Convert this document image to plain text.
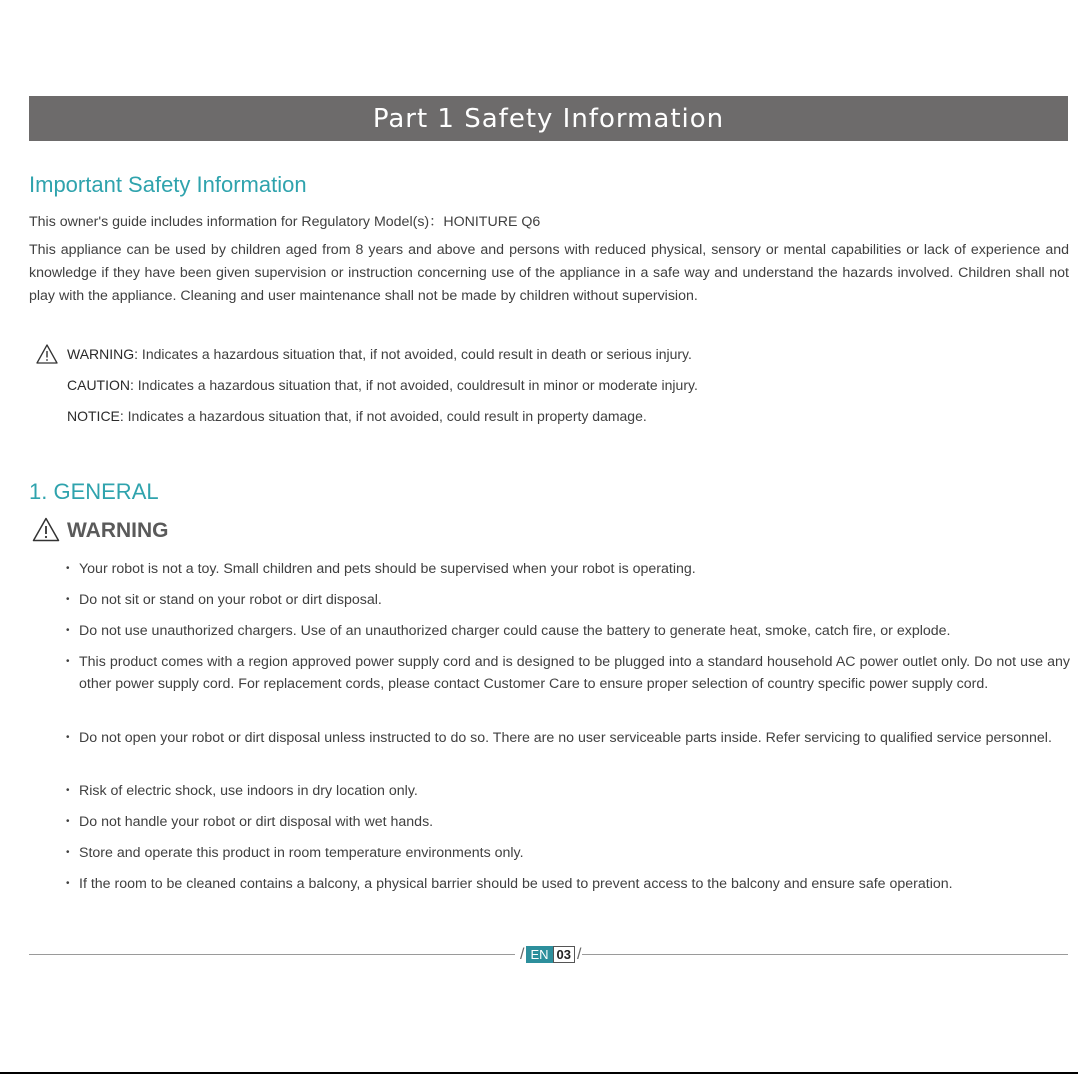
Part 1 Safety Information
Important Safety Information
This owner's guide includes information for Regulatory Model(s)：HONITURE Q6

This appliance can be used by children aged from 8 years and above and persons with reduced physical, sensory or mental capabilities or lack of experience and knowledge if they have been given supervision or instruction concerning use of the appliance in a safe way and understand the hazards involved. Children shall not play with the appliance. Cleaning and user maintenance shall not be made by children without supervision.

WARNING: Indicates a hazardous situation that, if not avoided, could result in death or serious injury.
CAUTION: Indicates a hazardous situation that, if not avoided, couldresult in minor or moderate injury.
NOTICE: Indicates a hazardous situation that, if not avoided, could result in property damage.
1. GENERAL
WARNING
• Your robot is not a toy. Small children and pets should be supervised when your robot is operating.
• Do not sit or stand on your robot or dirt disposal.
• Do not use unauthorized chargers. Use of an unauthorized charger could cause the battery to generate heat, smoke, catch fire, or explode.
• This product comes with a region approved power supply cord and is designed to be plugged into a standard household AC power outlet only. Do not use any other power supply cord. For replacement cords, please contact Customer Care to ensure proper selection of country specific power supply cord.
• Do not open your robot or dirt disposal unless instructed to do so. There are no user serviceable parts inside. Refer servicing to qualified service personnel.
• Risk of electric shock, use indoors in dry location only.
• Do not handle your robot or dirt disposal with wet hands.
• Store and operate this product in room temperature environments only.
• If the room to be cleaned contains a balcony, a physical barrier should be used to prevent access to the balcony and ensure safe operation.
/ EN 03 /
